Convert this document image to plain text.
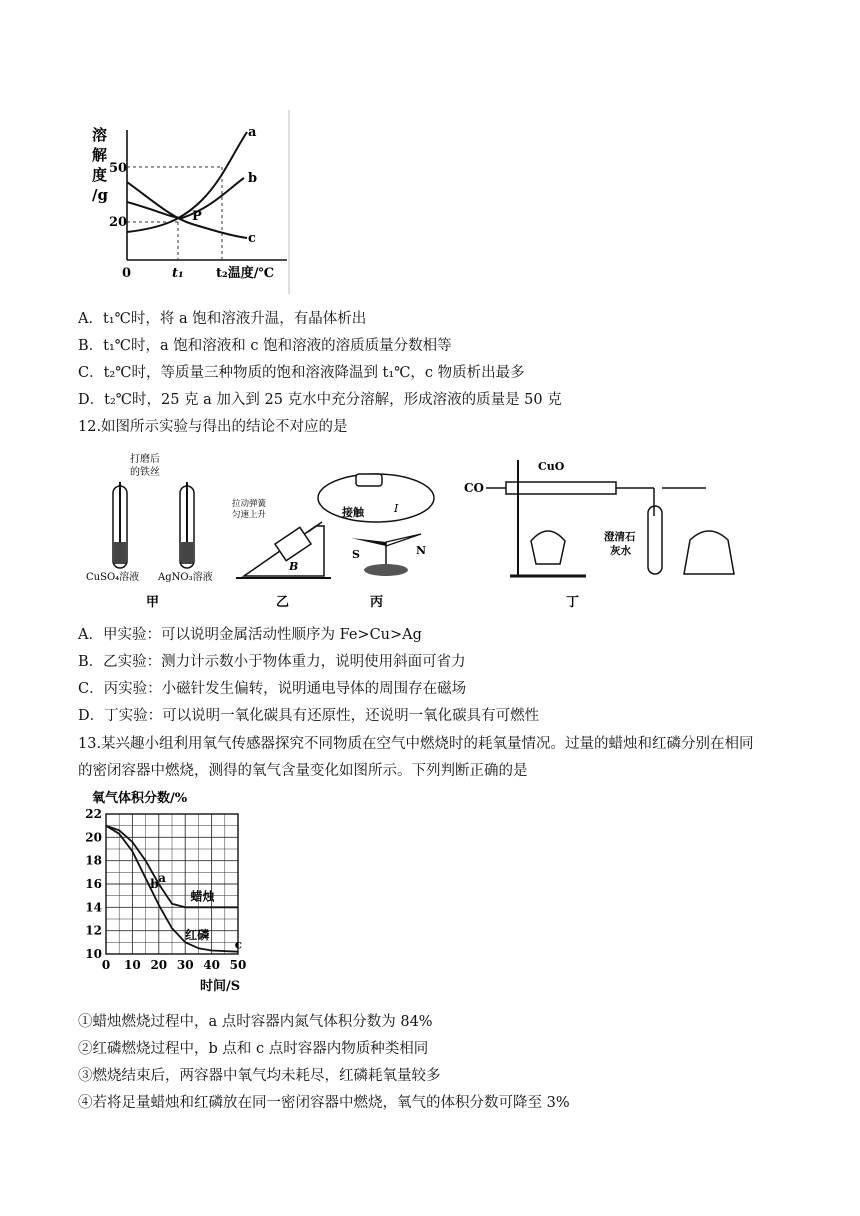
溶
解
度
/g
50
20
0	t₁ t₂温度/℃
a
b
c
P
A．t₁℃时，将 a 饱和溶液升温，有晶体析出
B．t₁℃时，a 饱和溶液和 c 饱和溶液的溶质质量分数相等
C．t₂℃时，等质量三种物质的饱和溶液降温到 t₁℃，c 物质析出最多
D．t₂℃时，25 克 a 加入到 25 克水中充分溶解，形成溶液的质量是 50 克
12.如图所示实验与得出的结论不对应的是
打磨后
的铁丝
CuSO₄溶液 AgNO₃溶液
甲
拉动弹簧
匀速上升
B
乙
接触	I
S	N
丙
CO
CuO
澄清石
灰水
丁
A．甲实验：可以说明金属活动性顺序为 Fe>Cu>Ag
B．乙实验：测力计示数小于物体重力，说明使用斜面可省力
C．丙实验：小磁针发生偏转，说明通电导体的周围存在磁场
D．丁实验：可以说明一氧化碳具有还原性，还说明一氧化碳具有可燃性
13.某兴趣小组利用氧气传感器探究不同物质在空气中燃烧时的耗氧量情况。过量的蜡烛和红磷分别在相同
的密闭容器中燃烧，测得的氧气含量变化如图所示。下列判断正确的是
氧气体积分数/%
10
12
14
16
18
20
22
0 10 20 30 40 50
蜡烛
红磷
a
b
c
时间/S
①蜡烛燃烧过程中，a 点时容器内氮气体积分数为 84%
②红磷燃烧过程中，b 点和 c 点时容器内物质种类相同
③燃烧结束后，两容器中氧气均未耗尽，红磷耗氧量较多
④若将足量蜡烛和红磷放在同一密闭容器中燃烧，氧气的体积分数可降至 3%
